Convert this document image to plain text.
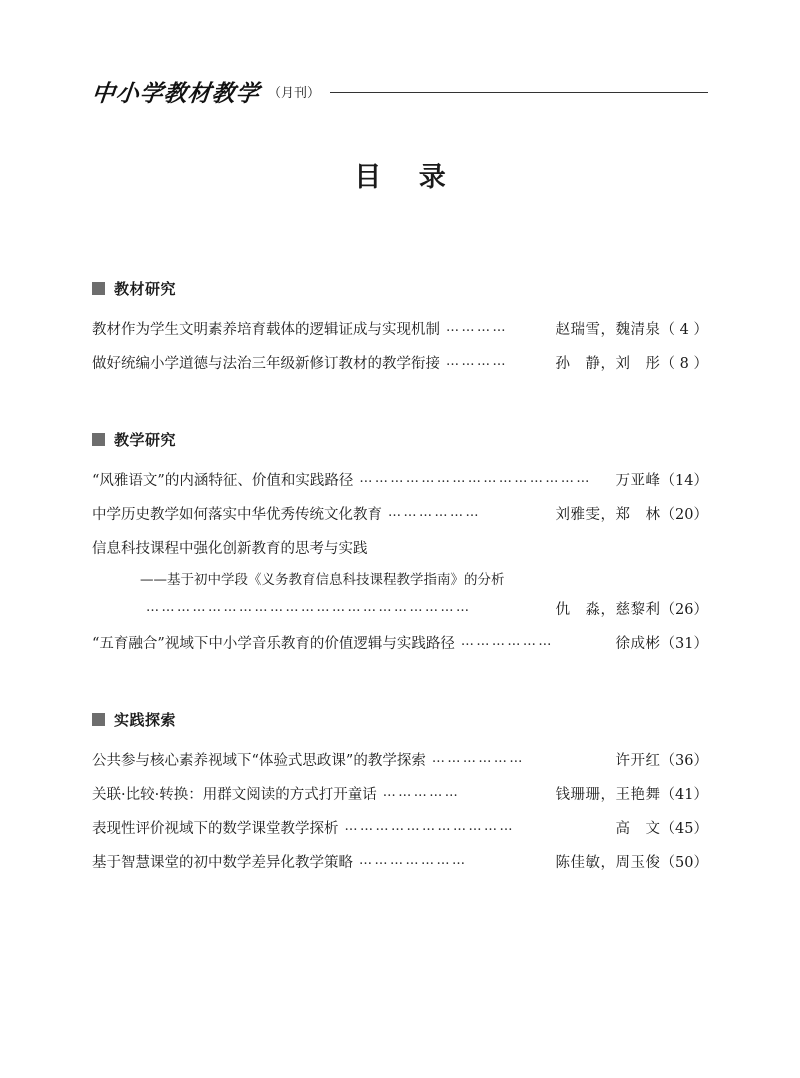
中小学教材教学 （月刊）
目 录
教材研究
教材作为学生文明素养培育载体的逻辑证成与实现机制 …………	赵瑞雪，魏清泉 （ 4 ）
做好统编小学道德与法治三年级新修订教材的教学衔接 …………	孙　静，刘　彤 （ 8 ）
教学研究
“风雅语文”的内涵特征、价值和实践路径 ………………………………………	万亚峰 （14）
中学历史教学如何落实中华优秀传统文化教育 ………………	刘雅雯，郑　林 （20）
信息科技课程中强化创新教育的思考与实践
——基于初中学段《义务教育信息科技课程教学指南》的分析
………………………………………………………	仇　淼，慈黎利 （26）
“五育融合”视域下中小学音乐教育的价值逻辑与实践路径 ………………	徐成彬 （31）
实践探索
公共参与核心素养视域下“体验式思政课”的教学探索 ………………	许开红 （36）
关联·比较·转换：用群文阅读的方式打开童话 ……………	钱珊珊，王艳舞 （41）
表现性评价视域下的数学课堂教学探析 ……………………………	高　文 （45）
基于智慧课堂的初中数学差异化教学策略 …………………	陈佳敏，周玉俊 （50）
